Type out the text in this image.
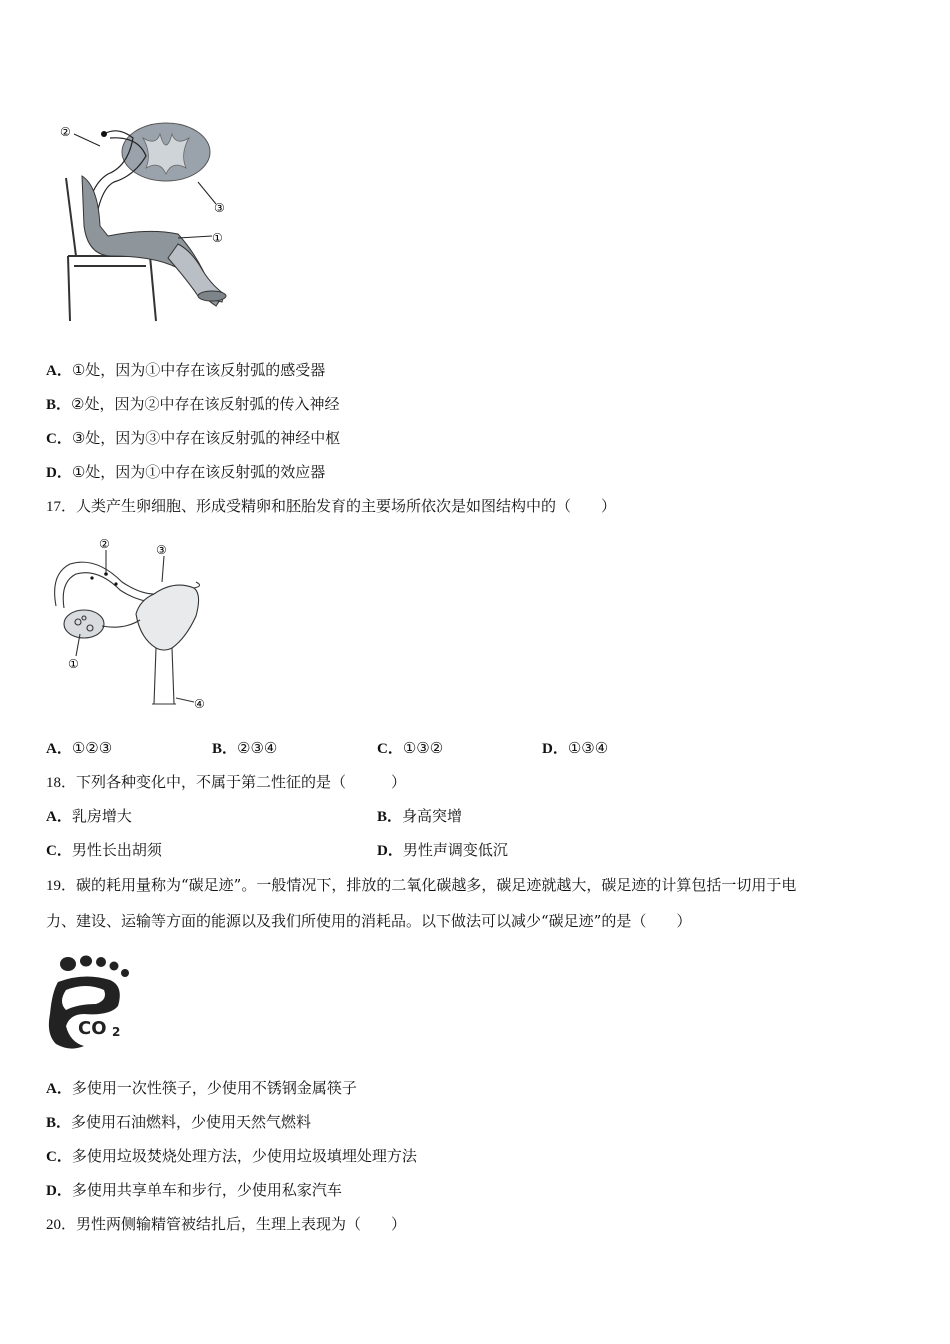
②
③
①
A．①处，因为①中存在该反射弧的感受器
B．②处，因为②中存在该反射弧的传入神经
C．③处，因为③中存在该反射弧的神经中枢
D．①处，因为①中存在该反射弧的效应器
17．人类产生卵细胞、形成受精卵和胚胎发育的主要场所依次是如图结构中的（　　）
②	③
①
④
A．①②③	B．②③④	C．①③②	D．①③④
18．下列各种变化中，不属于第二性征的是（　　　）
A．乳房增大	B．身高突增
C．男性长出胡须	D．男性声调变低沉
19．碳的耗用量称为“碳足迹”。一般情况下，排放的二氧化碳越多，碳足迹就越大，碳足迹的计算包括一切用于电
力、建设、运输等方面的能源以及我们所使用的消耗品。以下做法可以减少“碳足迹”的是（　　）
CO 2
A．多使用一次性筷子，少使用不锈钢金属筷子
B．多使用石油燃料，少使用天然气燃料
C．多使用垃圾焚烧处理方法，少使用垃圾填埋处理方法
D．多使用共享单车和步行，少使用私家汽车
20．男性两侧输精管被结扎后，生理上表现为（　　）
